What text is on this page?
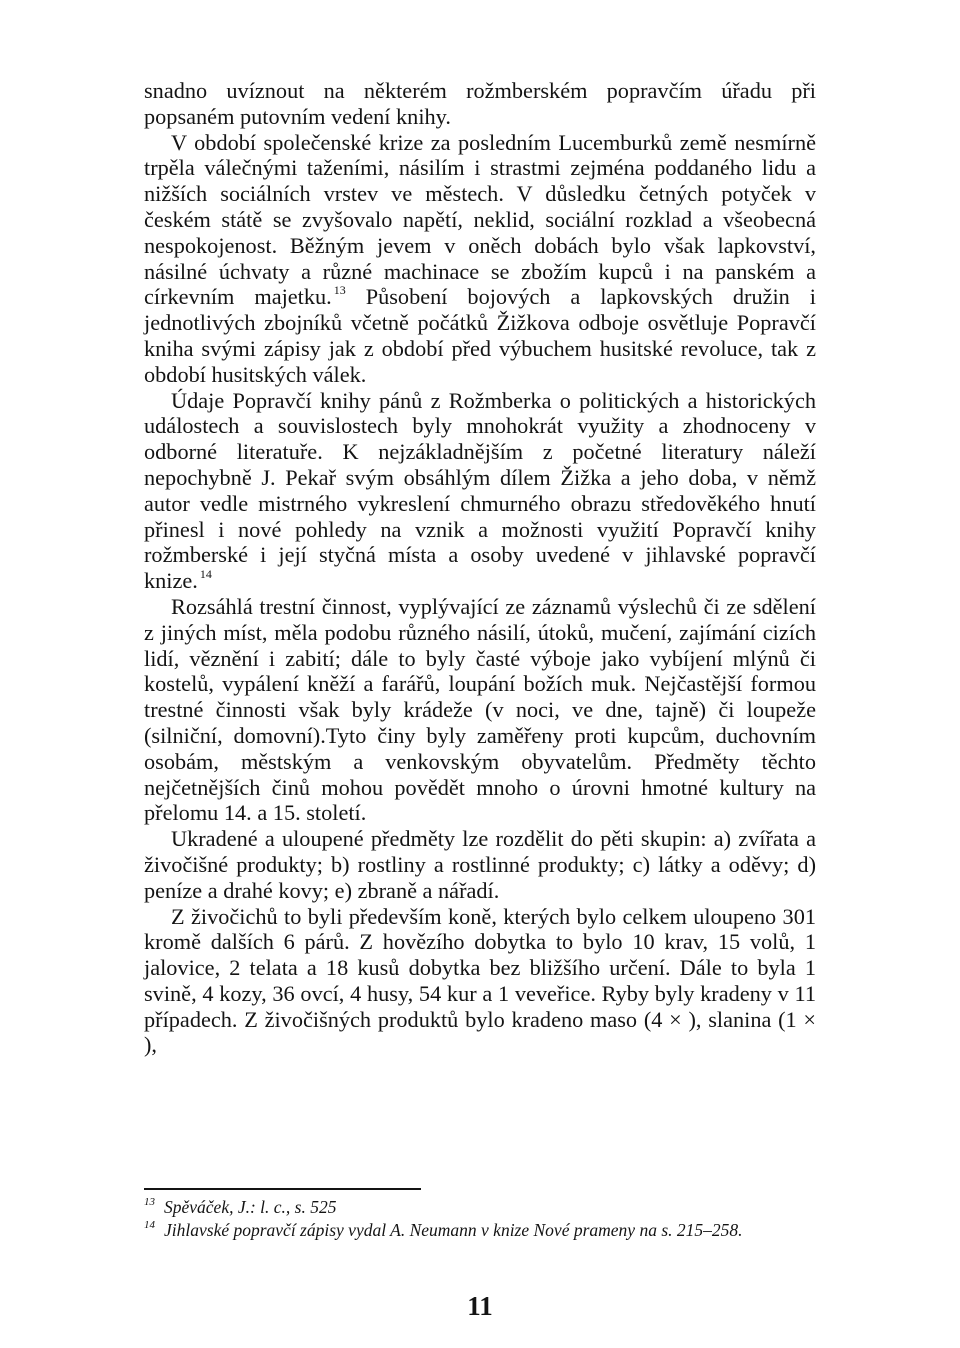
snadno uvíznout na některém rožmberském popravčím úřadu při popsaném putovním vedení knihy.

V období společenské krize za posledním Lucemburků země nesmírně trpěla válečnými taženími, násilím i strastmi zejména poddaného lidu a nižších sociálních vrstev ve městech. V důsledku četných potyček v českém státě se zvyšovalo napětí, neklid, sociální rozklad a všeobecná nespokojenost. Běžným jevem v oněch dobách bylo však lapkovství, násilné úchvaty a různé machinace se zbožím kupců i na panském a církevním majetku. $^{13}$ Působení bojových a lapkovských družin i jednotlivých zbojníků včetně počátků Žižkova odboje osvětluje Popravčí kniha svými zápisy jak z období před výbuchem husitské revoluce, tak z období husitských válek.

Údaje Popravčí knihy pánů z Rožmberka o politických a historických událostech a souvislostech byly mnohokrát využity a zhodnoceny v odborné literatuře. K nejzákladnějším z početné literatury náleží nepochybně J. Pekař svým obsáhlým dílem Žižka a jeho doba, v němž autor vedle mistrného vykreslení chmurného obrazu středověkého hnutí přinesl i nové pohledy na vznik a možnosti využití Popravčí knihy rožmberské i její styčná místa a osoby uvedené v jihlavské popravčí knize. $^{14}$

Rozsáhlá trestní činnost, vyplývající ze záznamů výslechů či ze sdělení z jiných míst, měla podobu různého násilí, útoků, mučení, zajímání cizích lidí, věznění i zabití; dále to byly časté výboje jako vybíjení mlýnů či kostelů, vypálení kněží a farářů, loupání božích muk. Nejčastější formou trestné činnosti však byly krádeže (v noci, ve dne, tajně) či loupeže (silniční, domovní).Tyto činy byly zaměřeny proti kupcům, duchovním osobám, městským a venkovským obyvatelům. Předměty těchto nejčetnějších činů mohou povědět mnoho o úrovni hmotné kultury na přelomu 14. a 15. století.

Ukradené a uloupené předměty lze rozdělit do pěti skupin: a) zvířata a živočišné produkty; b) rostliny a rostlinné produkty; c) látky a oděvy; d) peníze a drahé kovy; e) zbraně a nářadí.

Z živočichů to byli především koně, kterých bylo celkem uloupeno 301 kromě dalších 6 párů. Z hovězího dobytka to bylo 10 krav, 15 volů, 1 jalovice, 2 telata a 18 kusů dobytka bez bližšího určení. Dále to byla 1 svině, 4 kozy, 36 ovcí, 4 husy, 54 kur a 1 veveřice. Ryby byly kradeny v 11 případech. Z živočišných produktů bylo kradeno maso (4 × ), slanina (1 × ),

13 Spěváček, J.: l. c., s. 525

14 Jihlavské popravčí zápisy vydal A. Neumann v knize Nové prameny na s. 215–258.

11
